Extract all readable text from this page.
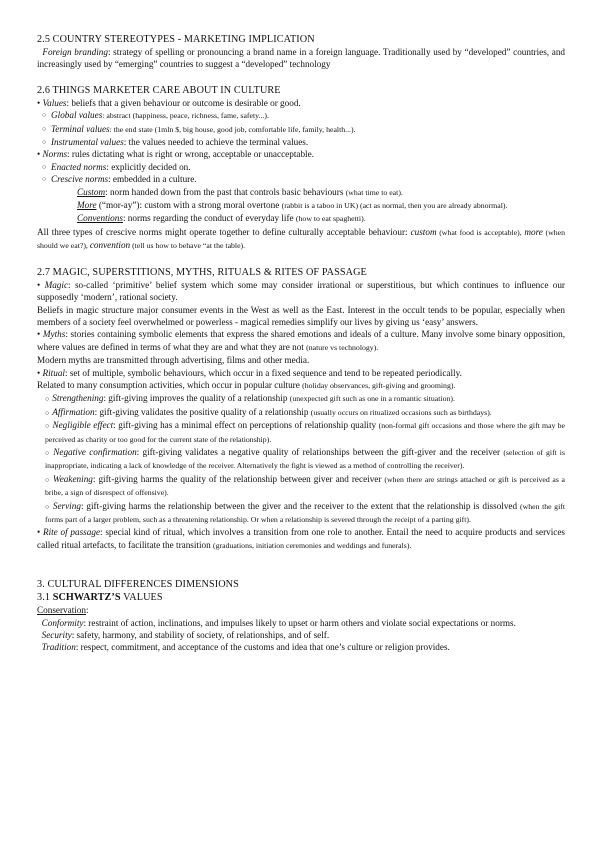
2.5 COUNTRY STEREOTYPES - MARKETING IMPLICATION
Foreign branding: strategy of spelling or pronouncing a brand name in a foreign language. Traditionally used by “developed” countries, and increasingly used by “emerging” countries to suggest a “developed” technology
2.6 THINGS MARKETER CARE ABOUT IN CULTURE
• Values: beliefs that a given behaviour or outcome is desirable or good.
○ Global values: abstract (happiness, peace, richness, fame, safety...).
○ Terminal values: the end state (1mln $, big house, good job, comfortable life, family, health...).
○ Instrumental values: the values needed to achieve the terminal values.
• Norms: rules dictating what is right or wrong, acceptable or unacceptable.
○ Enacted norms: explicitly decided on.
○ Crescive norms: embedded in a culture.
Custom: norm handed down from the past that controls basic behaviours (what time to eat).
More (“mor-ay”): custom with a strong moral overtone (rabbit is a taboo in UK) (act as normal, then you are already abnormal).
Conventions: norms regarding the conduct of everyday life (how to eat spaghetti).
All three types of crescive norms might operate together to define culturally acceptable behaviour: custom (what food is acceptable), more (when should we eat?), convention (tell us how to behave “at the table).
2.7 MAGIC, SUPERSTITIONS, MYTHS, RITUALS & RITES OF PASSAGE
• Magic: so-called ‘primitive’ belief system which some may consider irrational or superstitious, but which continues to influence our supposedly ‘modern’, rational society.
Beliefs in magic structure major consumer events in the West as well as the East. Interest in the occult tends to be popular, especially when members of a society feel overwhelmed or powerless - magical remedies simplify our lives by giving us ‘easy’ answers.
• Myths: stories containing symbolic elements that express the shared emotions and ideals of a culture. Many involve some binary opposition, where values are defined in terms of what they are and what they are not (nature vs technology).
Modern myths are transmitted through advertising, films and other media.
• Ritual: set of multiple, symbolic behaviours, which occur in a fixed sequence and tend to be repeated periodically.
Related to many consumption activities, which occur in popular culture (holiday observances, gift-giving and grooming).
○ Strengthening: gift-giving improves the quality of a relationship (unexpected gift such as one in a romantic situation).
○ Affirmation: gift-giving validates the positive quality of a relationship (usually occurs on ritualized occasions such as birthdays).
○ Negligible effect: gift-giving has a minimal effect on perceptions of relationship quality (non-formal gift occasions and those where the gift may be perceived as charity or too good for the current state of the relationship).
○ Negative confirmation: gift-giving validates a negative quality of relationships between the gift-giver and the receiver (selection of gift is inappropriate, indicating a lack of knowledge of the receiver. Alternatively the fight is viewed as a method of controlling the receiver).
○ Weakening: gift-giving harms the quality of the relationship between giver and receiver (when there are strings attached or gift is perceived as a bribe, a sign of disrespect of offensive).
○ Serving: gift-giving harms the relationship between the giver and the receiver to the extent that the relationship is dissolved (when the gift forms part of a larger problem, such as a threatening relationship. Or when a relationship is severed through the receipt of a parting gift).
• Rite of passage: special kind of ritual, which involves a transition from one role to another. Entail the need to acquire products and services called ritual artefacts, to facilitate the transition (graduations, initiation ceremonies and weddings and funerals).
3. CULTURAL DIFFERENCES DIMENSIONS
3.1 SCHWARTZ’S VALUES
Conservation:
Conformity: restraint of action, inclinations, and impulses likely to upset or harm others and violate social expectations or norms.
Security: safety, harmony, and stability of society, of relationships, and of self.
Tradition: respect, commitment, and acceptance of the customs and idea that one’s culture or religion provides.
